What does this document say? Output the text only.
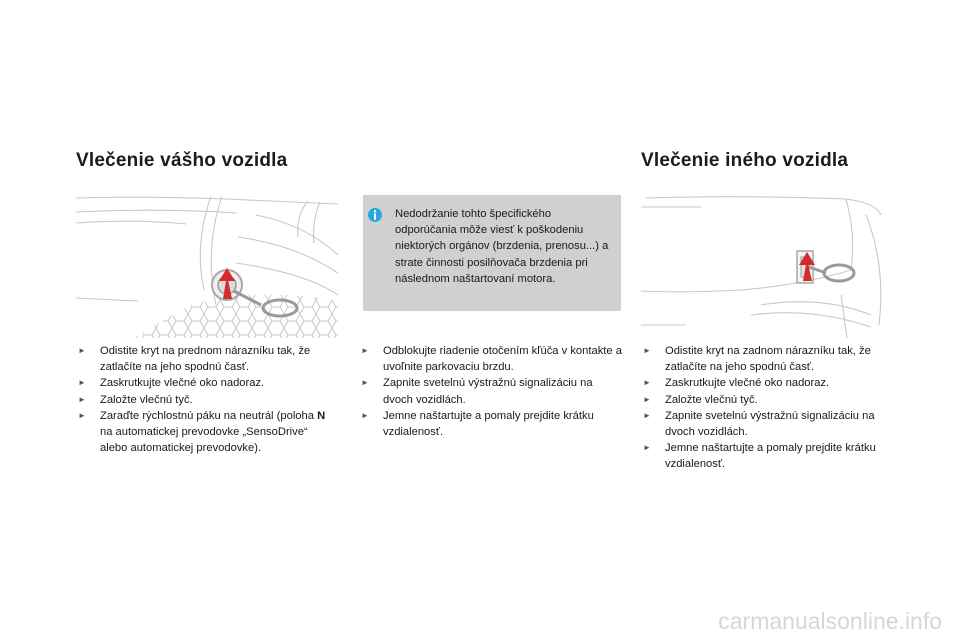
Vlečenie vášho vozidla	Vlečenie iného vozidla
Nedodržanie tohto špecifického odporúčania môže viesť k poškodeniu niektorých orgánov (brzdenia, prenosu...) a strate činnosti posilňovača brzdenia pri následnom naštartovaní motora.
► Odistite kryt na prednom nárazníku tak, že zatlačíte na jeho spodnú časť.
► Zaskrutkujte vlečné oko nadoraz.
► Založte vlečnú tyč.
► Zaraďte rýchlostnú páku na neutrál (poloha N na automatickej prevodovke „SensoDrive“ alebo automatickej prevodovke).
► Odblokujte riadenie otočením kľúča v kontakte a uvoľnite parkovaciu brzdu.
► Zapnite svetelnú výstražnú signalizáciu na dvoch vozidlách.
► Jemne naštartujte a pomaly prejdite krátku vzdialenosť.
► Odistite kryt na zadnom nárazníku tak, že zatlačíte na jeho spodnú časť.
► Zaskrutkujte vlečné oko nadoraz.
► Založte vlečnú tyč.
► Zapnite svetelnú výstražnú signalizáciu na dvoch vozidlách.
► Jemne naštartujte a pomaly prejdite krátku vzdialenosť.
carmanualsonline.info
